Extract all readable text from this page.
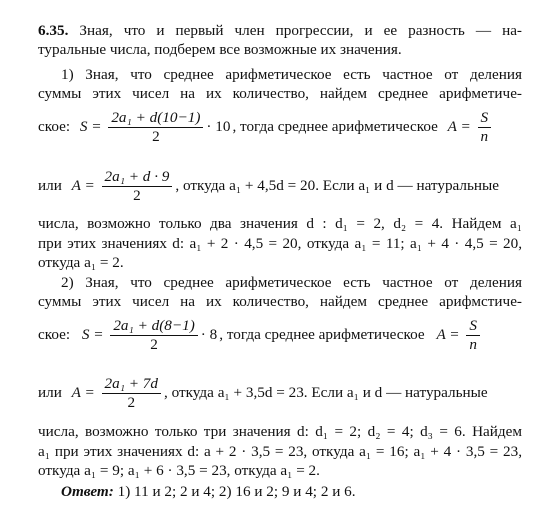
6.35. Зная, что и первый член прогрессии, и ее разность — на-
туральные числа, подберем все возможные их значения.
1) Зная, что среднее арифметическое есть частное от деления
суммы этих чисел на их количество, найдем среднее арифметиче-
ское: $S = \frac{\text{2a₁ + d(10−1)}}{2} \cdot 10$ , тогда среднее арифметическое $A = \frac{S}{n}$
или $A = \frac{\text{2a₁ + d · 9}}{2}$ , откуда a₁ + 4,5d = 20. Если a₁ и d — натуральные
числа, возможно только два значения d : d₁ = 2, d₂ = 4. Найдем a₁
при этих значениях d: a₁ + 2 · 4,5 = 20, откуда a₁ = 11; a₁ + 4 · 4,5 = 20,
откуда a₁ = 2.
2) Зная, что среднее арифметическое есть частное от деления
суммы этих чисел на их количество, найдем среднее арифмстиче-
ское: $S = \frac{\text{2a₁ + d(8−1)}}{2} \cdot 8$ , тогда среднее арифметическое $A = \frac{S}{n}$
или $A = \frac{\text{2a₁ + 7d}}{2}$ , откуда a₁ + 3,5d = 23. Если a₁ и d — натуральные
числа, возможно только три значения d: d₁ = 2; d₂ = 4; d₃ = 6. Найдем
a₁ при этих значениях d: a + 2 · 3,5 = 23, откуда a₁ = 16; a₁ + 4 · 3,5 = 23,
откуда a₁ = 9; a₁ + 6 · 3,5 = 23, откуда a₁ = 2.
Ответ: 1) 11 и 2; 2 и 4; 2) 16 и 2; 9 и 4; 2 и 6.
